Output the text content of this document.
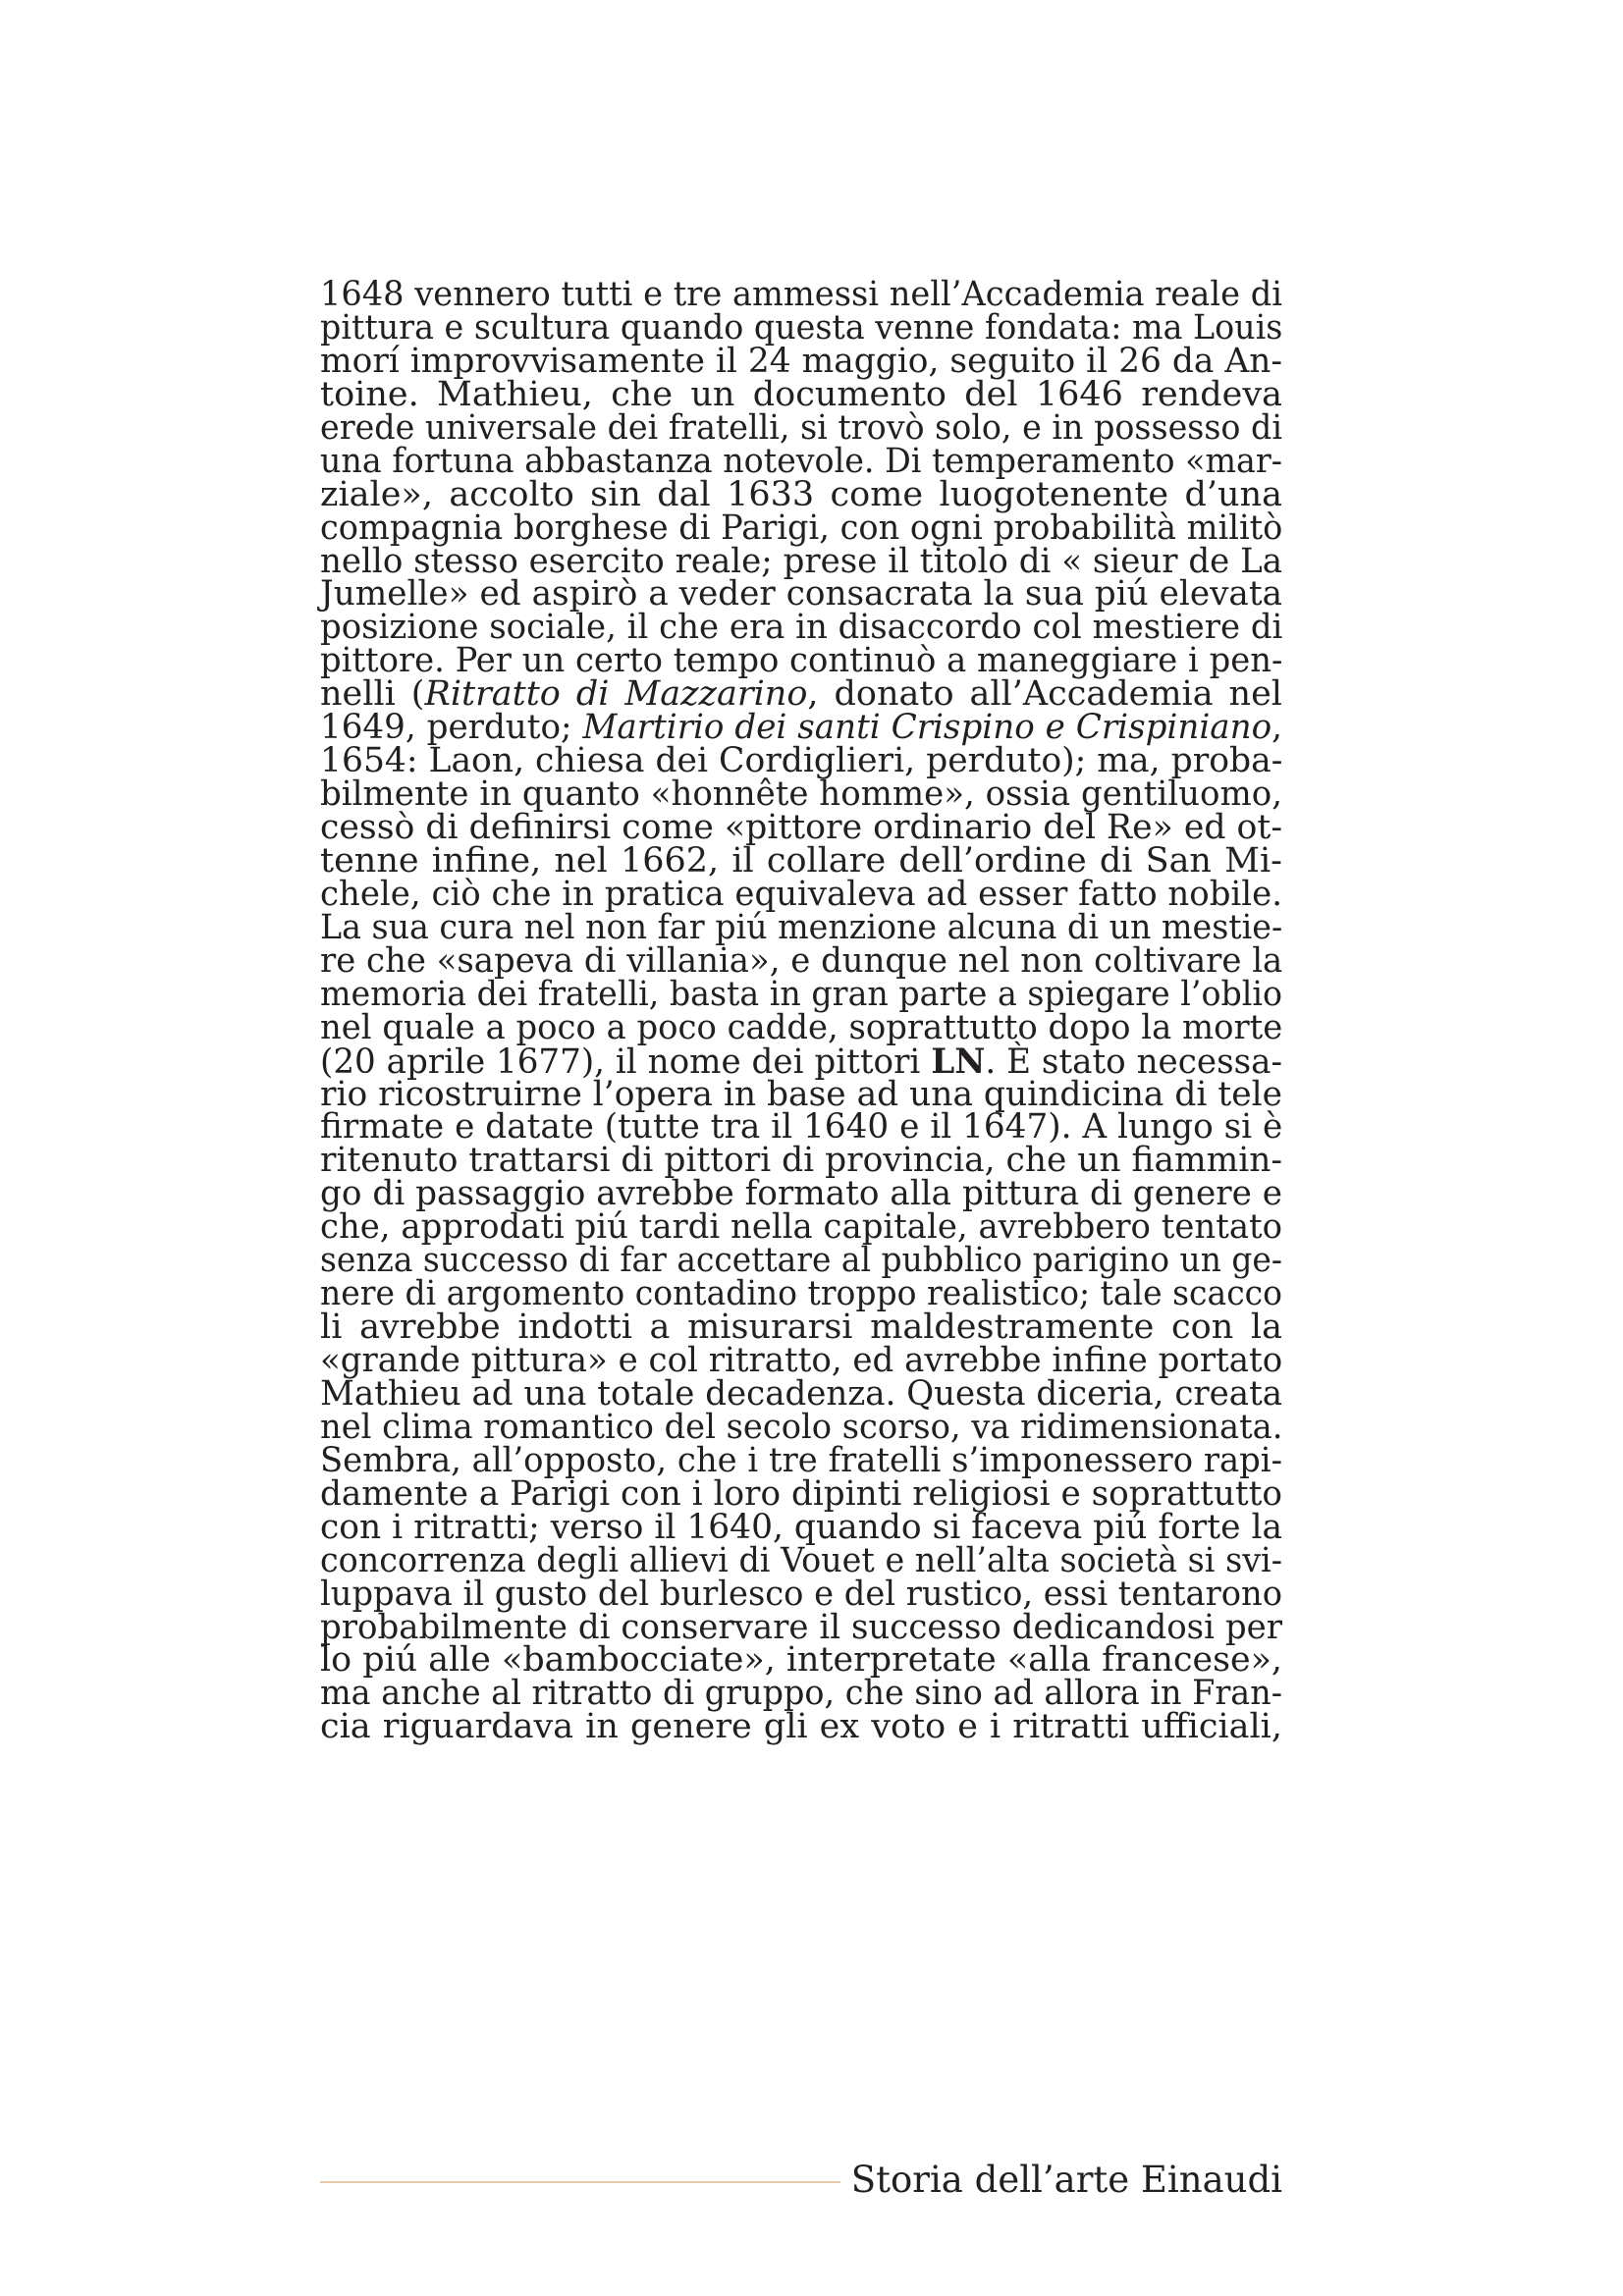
1648 vennero tutti e tre ammessi nell’Accademia reale di
pittura e scultura quando questa venne fondata: ma Louis
morí improvvisamente il 24 maggio, seguito il 26 da An-
toine. Mathieu, che un documento del 1646 rendeva
erede universale dei fratelli, si trovò solo, e in possesso di
una fortuna abbastanza notevole. Di temperamento «mar-
ziale», accolto sin dal 1633 come luogotenente d’una
compagnia borghese di Parigi, con ogni probabilità militò
nello stesso esercito reale; prese il titolo di « sieur de La
Jumelle» ed aspirò a veder consacrata la sua piú elevata
posizione sociale, il che era in disaccordo col mestiere di
pittore. Per un certo tempo continuò a maneggiare i pen-
nelli (Ritratto di Mazzarino, donato all’Accademia nel
1649, perduto; Martirio dei santi Crispino e Crispiniano,
1654: Laon, chiesa dei Cordiglieri, perduto); ma, proba-
bilmente in quanto «honnête homme», ossia gentiluomo,
cessò di definirsi come «pittore ordinario del Re» ed ot-
tenne infine, nel 1662, il collare dell’ordine di San Mi-
chele, ciò che in pratica equivaleva ad esser fatto nobile.
La sua cura nel non far piú menzione alcuna di un mestie-
re che «sapeva di villania», e dunque nel non coltivare la
memoria dei fratelli, basta in gran parte a spiegare l’oblio
nel quale a poco a poco cadde, soprattutto dopo la morte
(20 aprile 1677), il nome dei pittori LN. È stato necessa-
rio ricostruirne l’opera in base ad una quindicina di tele
firmate e datate (tutte tra il 1640 e il 1647). A lungo si è
ritenuto trattarsi di pittori di provincia, che un fiammin-
go di passaggio avrebbe formato alla pittura di genere e
che, approdati piú tardi nella capitale, avrebbero tentato
senza successo di far accettare al pubblico parigino un ge-
nere di argomento contadino troppo realistico; tale scacco
li avrebbe indotti a misurarsi maldestramente con la
«grande pittura» e col ritratto, ed avrebbe infine portato
Mathieu ad una totale decadenza. Questa diceria, creata
nel clima romantico del secolo scorso, va ridimensionata.
Sembra, all’opposto, che i tre fratelli s’imponessero rapi-
damente a Parigi con i loro dipinti religiosi e soprattutto
con i ritratti; verso il 1640, quando si faceva piú forte la
concorrenza degli allievi di Vouet e nell’alta società si svi-
luppava il gusto del burlesco e del rustico, essi tentarono
probabilmente di conservare il successo dedicandosi per
lo piú alle «bambocciate», interpretate «alla francese»,
ma anche al ritratto di gruppo, che sino ad allora in Fran-
cia riguardava in genere gli ex voto e i ritratti ufficiali,
Storia dell’arte Einaudi
